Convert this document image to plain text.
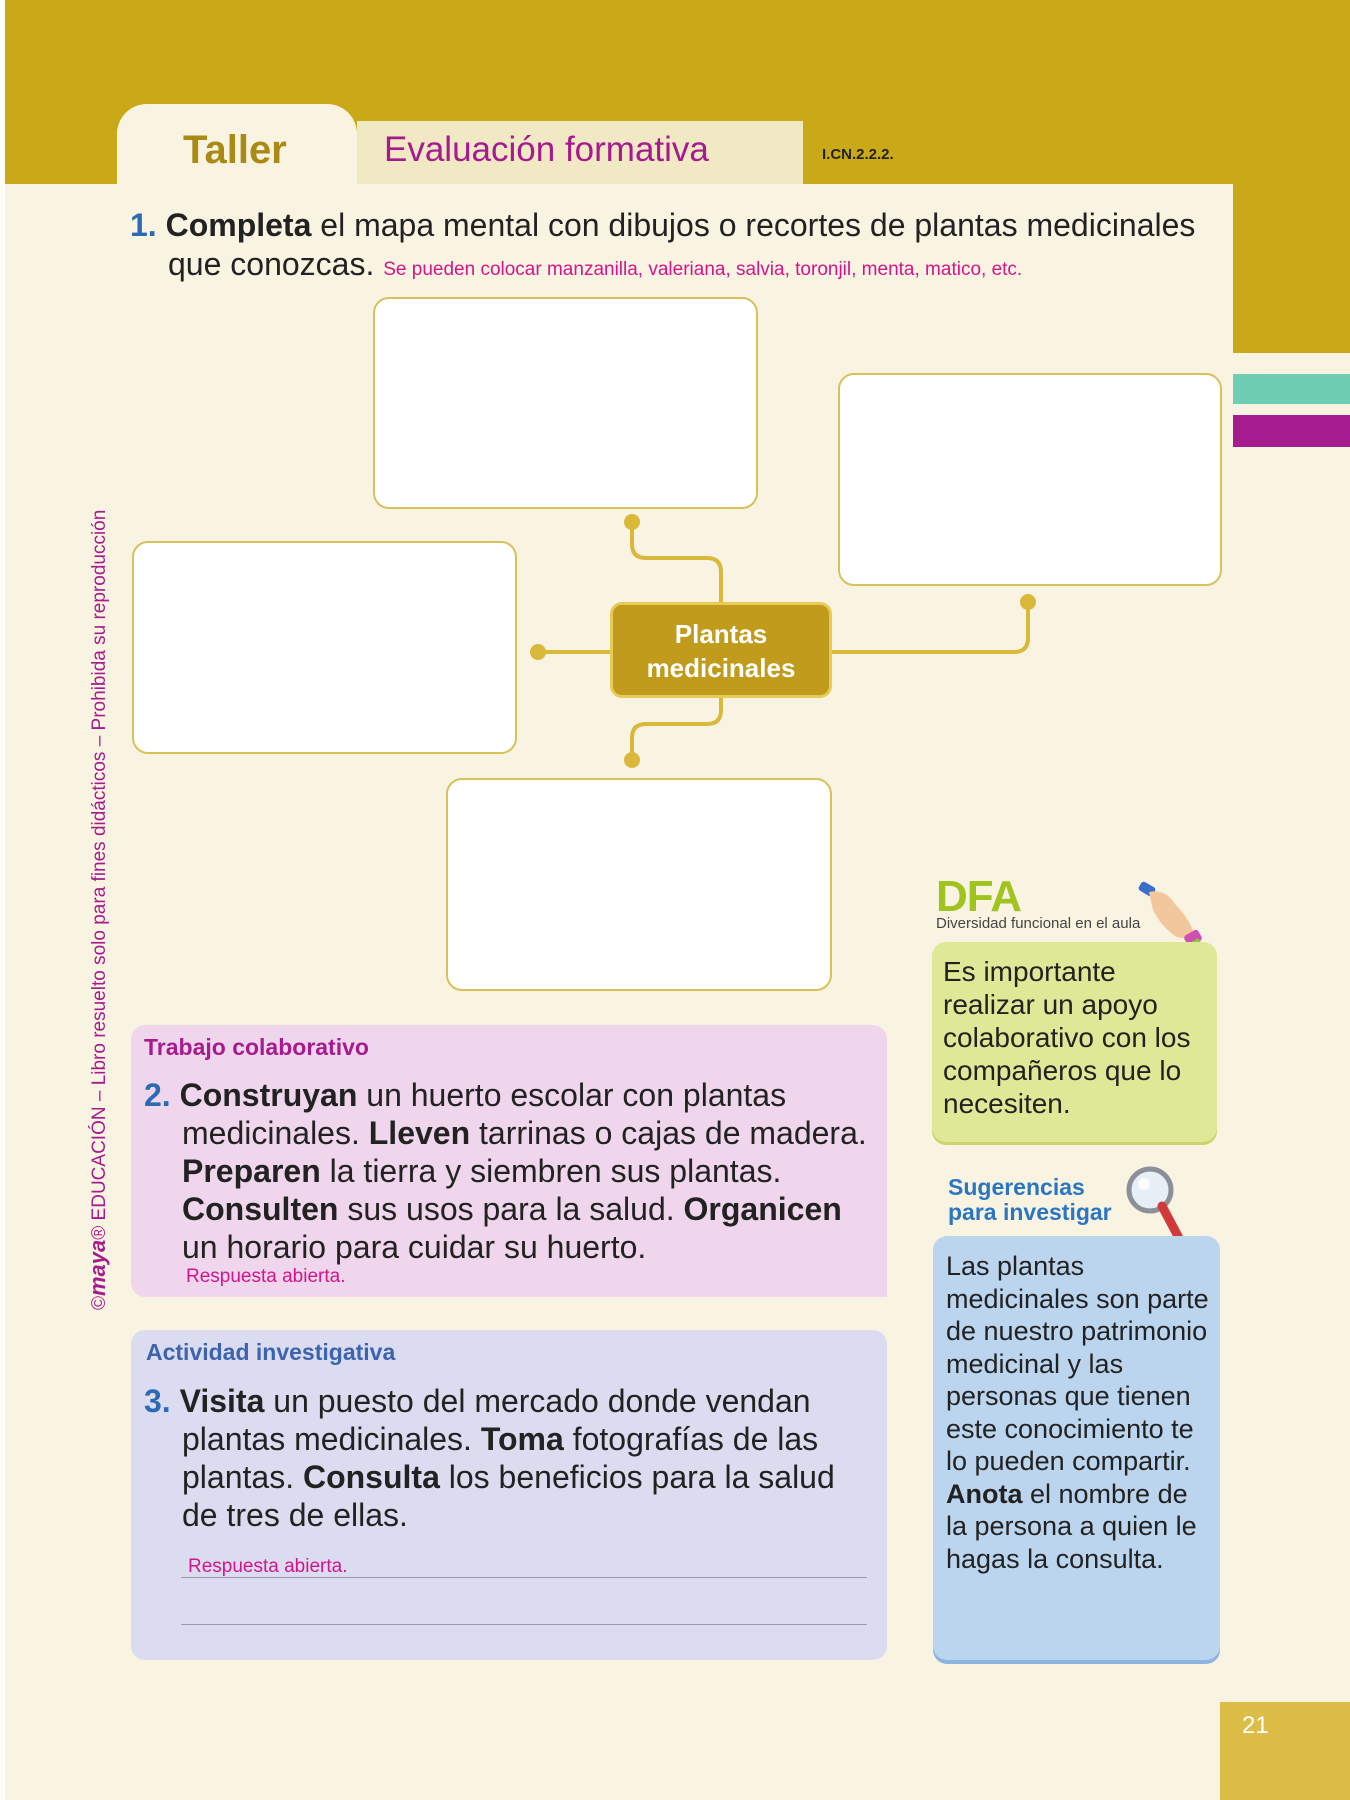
Taller	Evaluación formativa	I.CN.2.2.2.
1. Completa el mapa mental con dibujos o recortes de plantas medicinales que conozcas. Se pueden colocar manzanilla, valeriana, salvia, toronjil, menta, matico, etc.
Plantas
medicinales
Trabajo colaborativo
2. Construyan un huerto escolar con plantas medicinales. Lleven tarrinas o cajas de madera. Preparen la tierra y siembren sus plantas. Consulten sus usos para la salud. Organicen un horario para cuidar su huerto.
Respuesta abierta.
Actividad investigativa
3. Visita un puesto del mercado donde vendan plantas medicinales. Toma fotografías de las plantas. Consulta los beneficios para la salud de tres de ellas.
Respuesta abierta.
DFA
Diversidad funcional en el aula
Es importante realizar un apoyo colaborativo con los compañeros que lo necesiten.
Sugerencias
para investigar
Las plantas medicinales son parte de nuestro patrimonio medicinal y las personas que tienen este conocimiento te lo pueden compartir. Anota el nombre de la persona a quien le hagas la consulta.
©maya® EDUCACIÓN – Libro resuelto solo para fines didácticos – Prohibida su reproducción
21
